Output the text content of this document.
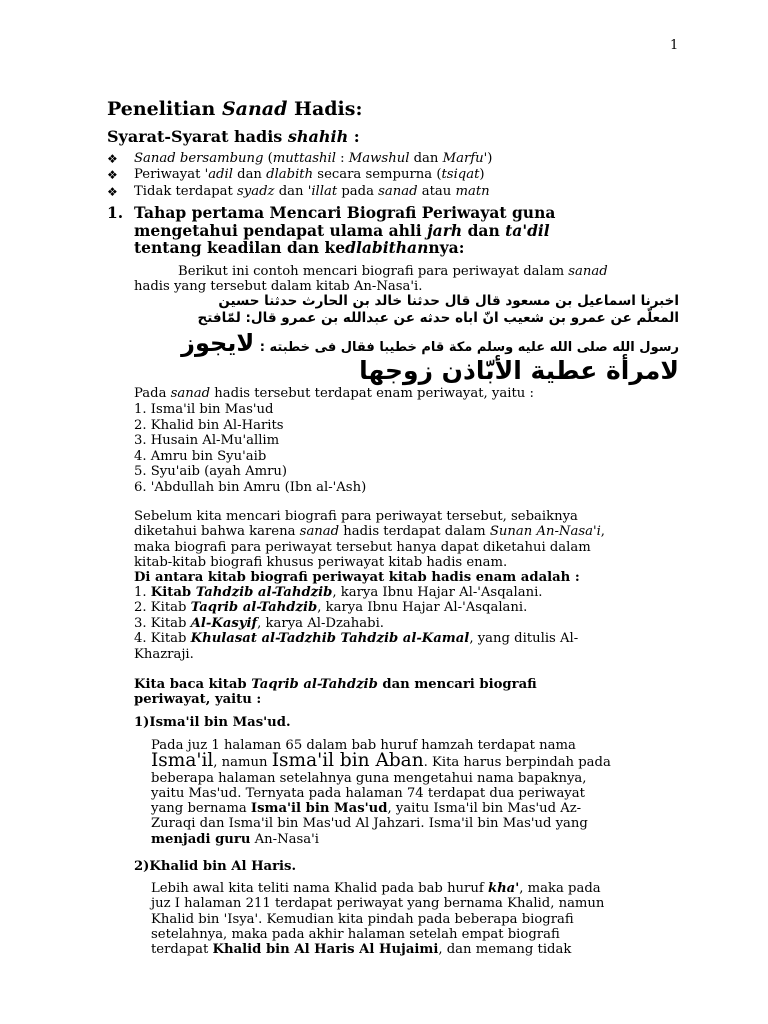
1
Penelitian Sanad Hadis:
Syarat-Syarat hadis shahih :
❖ Sanad bersambung (muttashil : Mawshul dan Marfu')
❖ Periwayat 'adil dan dlabith secara sempurna (tsiqat)
❖ Tidak terdapat syadz dan 'illat pada sanad atau matn
1. Tahap pertama Mencari Biografi Periwayat guna
mengetahui pendapat ulama ahli jarh dan ta'dil
tentang keadilan dan kedlabithannya:
Berikut ini contoh mencari biografi para periwayat dalam sanad
hadis yang tersebut dalam kitab An-Nasa'i.
اخبرنا اسماعيل بن مسعود قال قال حدثنا خالد بن الحارث حدثنا حسين
المعلّم عن عمرو بن شعيب انّ اباه حدثه عن عبدالله بن عمرو قال: لمّافتح
رسول الله صلى الله عليه وسلم مكة قام خطيبا فقال فى خطبته : لايجوز
لامرأة عطية الأبّاذن زوجها
Pada sanad hadis tersebut terdapat enam periwayat, yaitu :
1. Isma'il bin Mas'ud
2. Khalid bin Al-Harits
3. Husain Al-Mu'allim
4. Amru bin Syu'aib
5. Syu'aib (ayah Amru)
6. 'Abdullah bin Amru (Ibn al-'Ash)
Sebelum kita mencari biografi para periwayat tersebut, sebaiknya
diketahui bahwa karena sanad hadis terdapat dalam Sunan An-Nasa'i,
maka biografi para periwayat tersebut hanya dapat diketahui dalam
kitab-kitab biografi khusus periwayat kitab hadis enam.
Di antara kitab biografi periwayat kitab hadis enam adalah :
1. Kitab Tahdzib al-Tahdzib, karya Ibnu Hajar Al-'Asqalani.
2. Kitab Taqrib al-Tahdzib, karya Ibnu Hajar Al-'Asqalani.
3. Kitab Al-Kasyif, karya Al-Dzahabi.
4. Kitab Khulasat al-Tadzhib Tahdzib al-Kamal, yang ditulis Al-
Khazraji.
Kita baca kitab Taqrib al-Tahdzib dan mencari biografi
periwayat, yaitu :
1)Isma'il bin Mas'ud.
Pada juz 1 halaman 65 dalam bab huruf hamzah terdapat nama
Isma'il, namun Isma'il bin Aban. Kita harus berpindah pada
beberapa halaman setelahnya guna mengetahui nama bapaknya,
yaitu Mas'ud. Ternyata pada halaman 74 terdapat dua periwayat
yang bernama Isma'il bin Mas'ud, yaitu Isma'il bin Mas'ud Az-
Zuraqi dan Isma'il bin Mas'ud Al Jahzari. Isma'il bin Mas'ud yang
menjadi guru An-Nasa'i
2)Khalid bin Al Haris.
Lebih awal kita teliti nama Khalid pada bab huruf kha', maka pada
juz I halaman 211 terdapat periwayat yang bernama Khalid, namun
Khalid bin 'Isya'. Kemudian kita pindah pada beberapa biografi
setelahnya, maka pada akhir halaman setelah empat biografi
terdapat Khalid bin Al Haris Al Hujaimi, dan memang tidak
